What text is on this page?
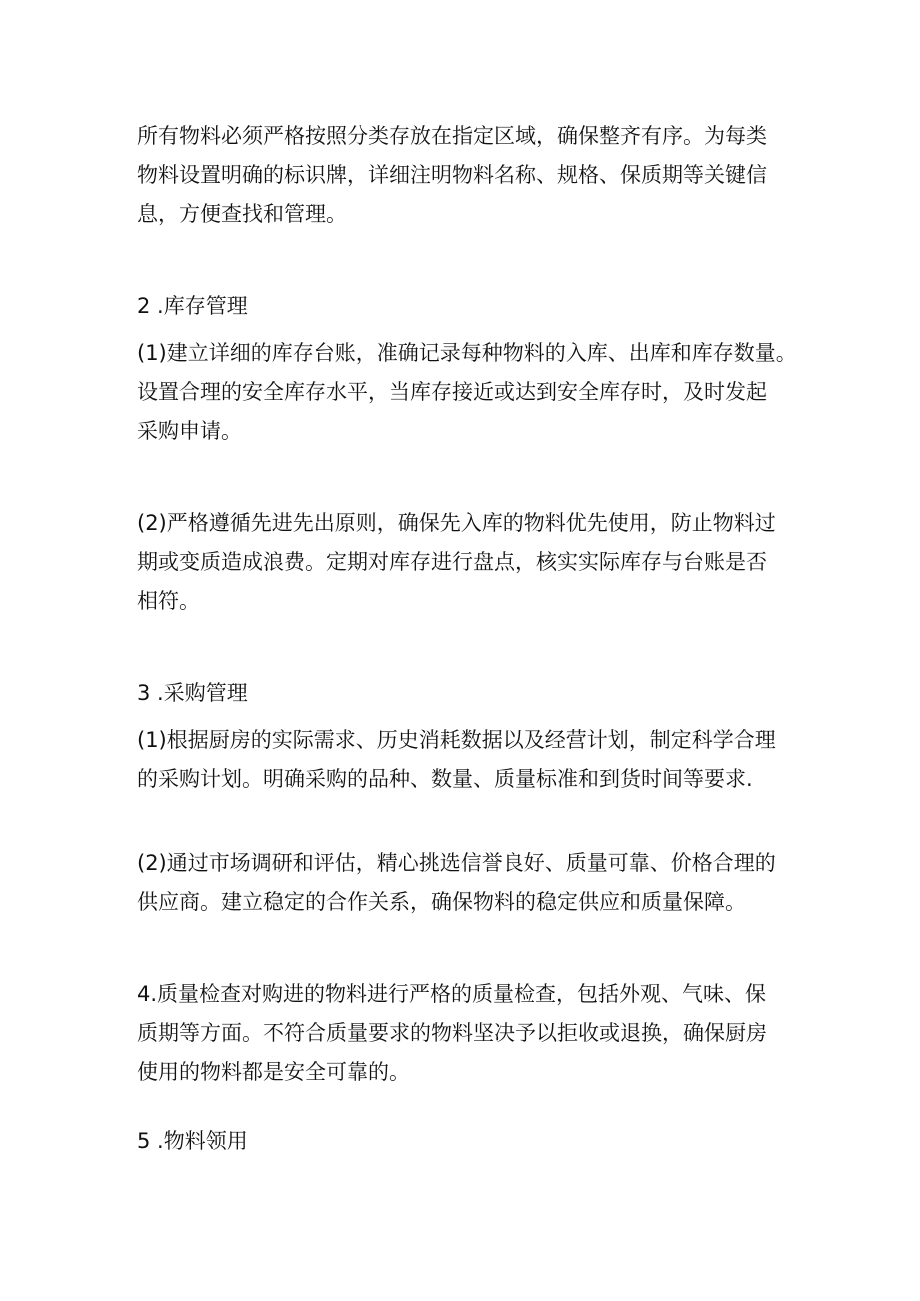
所有物料必须严格按照分类存放在指定区域，确保整齐有序。为每类
物料设置明确的标识牌，详细注明物料名称、规格、保质期等关键信
息，方便查找和管理。
2 .库存管理
(1)建立详细的库存台账，准确记录每种物料的入库、出库和库存数量。
设置合理的安全库存水平，当库存接近或达到安全库存时，及时发起
采购申请。
(2)严格遵循先进先出原则，确保先入库的物料优先使用，防止物料过
期或变质造成浪费。定期对库存进行盘点，核实实际库存与台账是否
相符。
3 .采购管理
(1)根据厨房的实际需求、历史消耗数据以及经营计划，制定科学合理
的采购计划。明确采购的品种、数量、质量标准和到货时间等要求.
(2)通过市场调研和评估，精心挑选信誉良好、质量可靠、价格合理的
供应商。建立稳定的合作关系，确保物料的稳定供应和质量保障。
4.质量检查对购进的物料进行严格的质量检查，包括外观、气味、保
质期等方面。不符合质量要求的物料坚决予以拒收或退换，确保厨房
使用的物料都是安全可靠的。
5 .物料领用
